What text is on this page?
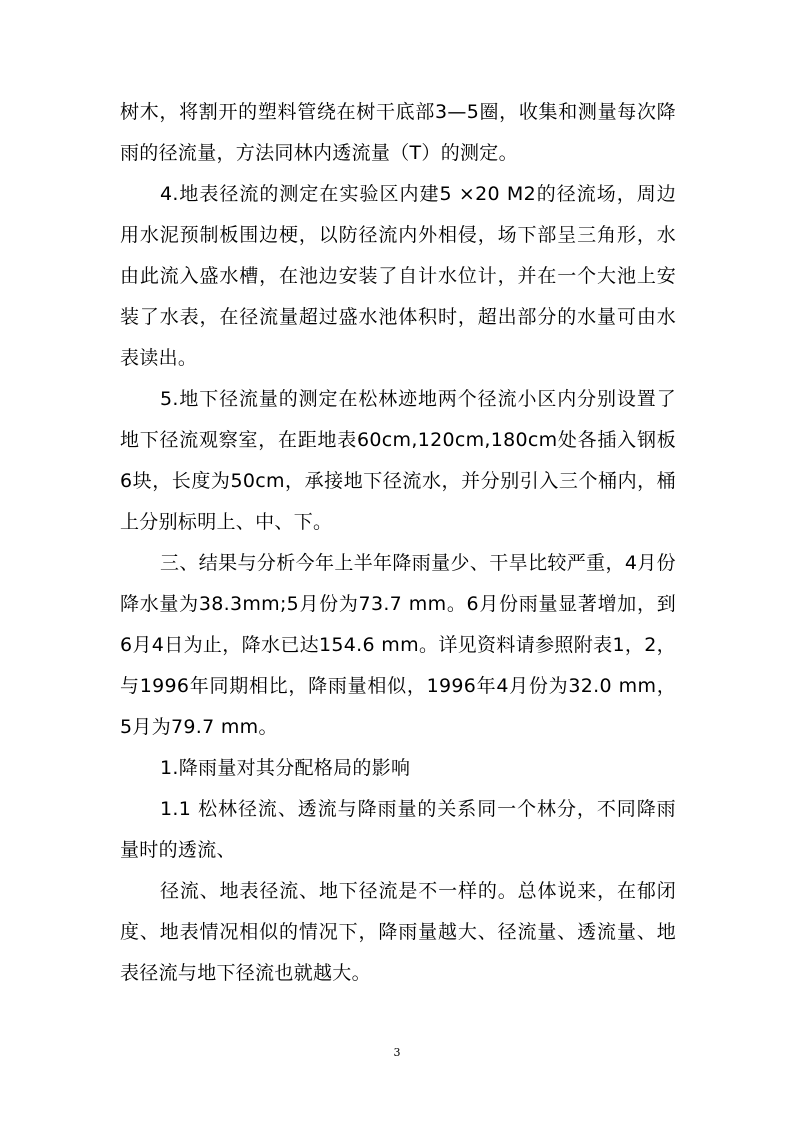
树木，将割开的塑料管绕在树干底部3—5圈，收集和测量每次降雨的径流量，方法同林内透流量（T）的测定。

4.地表径流的测定在实验区内建5 ×20 M2的径流场，周边用水泥预制板围边梗，以防径流内外相侵，场下部呈三角形，水由此流入盛水槽，在池边安装了自计水位计，并在一个大池上安装了水表，在径流量超过盛水池体积时，超出部分的水量可由水表读出。

5.地下径流量的测定在松林迹地两个径流小区内分别设置了地下径流观察室，在距地表60cm,120cm,180cm处各插入钢板6块，长度为50cm，承接地下径流水，并分别引入三个桶内，桶上分别标明上、中、下。

三、结果与分析今年上半年降雨量少、干旱比较严重，4月份降水量为38.3mm;5月份为73.7 mm。6月份雨量显著增加，到6月4日为止，降水已达154.6 mm。详见资料请参照附表1，2，与1996年同期相比，降雨量相似，1996年4月份为32.0 mm，5月为79.7 mm。

1.降雨量对其分配格局的影响

1.1 松林径流、透流与降雨量的关系同一个林分，不同降雨量时的透流、

径流、地表径流、地下径流是不一样的。总体说来，在郁闭度、地表情况相似的情况下，降雨量越大、径流量、透流量、地表径流与地下径流也就越大。

3
